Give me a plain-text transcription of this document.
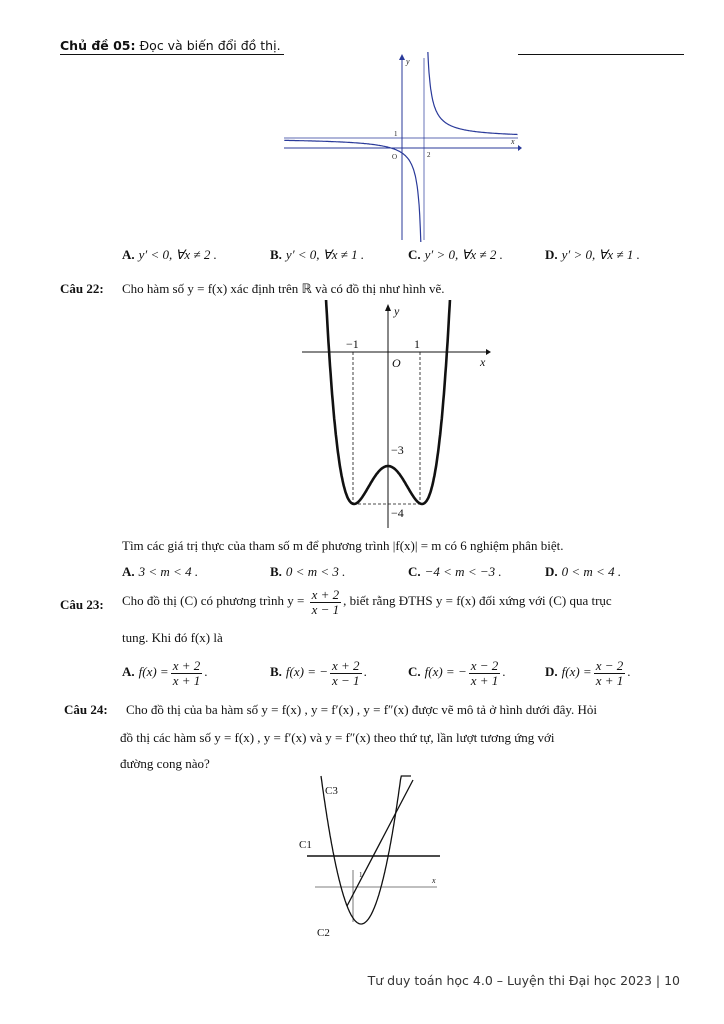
Chủ đề 05: Đọc và biến đổi đồ thị.
y
x
1
O	2
A. y′ < 0, ∀x ≠ 2 .	B. y′ < 0, ∀x ≠ 1 .	C. y′ > 0, ∀x ≠ 2 .	D. y′ > 0, ∀x ≠ 1 .
Câu 22: Cho hàm số y = f(x) xác định trên ℝ và có đồ thị như hình vẽ.
y
x
−1	1
O
−3
−4
Tìm các giá trị thực của tham số m để phương trình |f(x)| = m có 6 nghiệm phân biệt.
A. 3 < m < 4 .	B. 0 < m < 3 .	C. −4 < m < −3 .	D. 0 < m < 4 .
Câu 23: Cho đồ thị (C) có phương trình $y = \frac{x + 2}{x - 1}$ , biết rằng ĐTHS y = f(x) đối xứng với (C) qua trục
tung. Khi đó f(x) là
A. $f(x) = \frac{x + 2}{x + 1}$ .	B. f(x) = − $\frac{x + 2}{x - 1}$ .	C. f(x) = − $\frac{x - 2}{x + 1}$ .	D. $f(x) = \frac{x - 2}{x + 1}$ .
Câu 24: Cho đồ thị của ba hàm số y = f(x) , y = f′(x) , y = f″(x) được vẽ mô tả ở hình dưới đây. Hỏi
đồ thị các hàm số y = f(x) , y = f′(x) và y = f″(x) theo thứ tự, lần lượt tương ứng với
đường cong nào?
C3
C1
C2
x
1
Tư duy toán học 4.0 – Luyện thi Đại học 2023 | 10
